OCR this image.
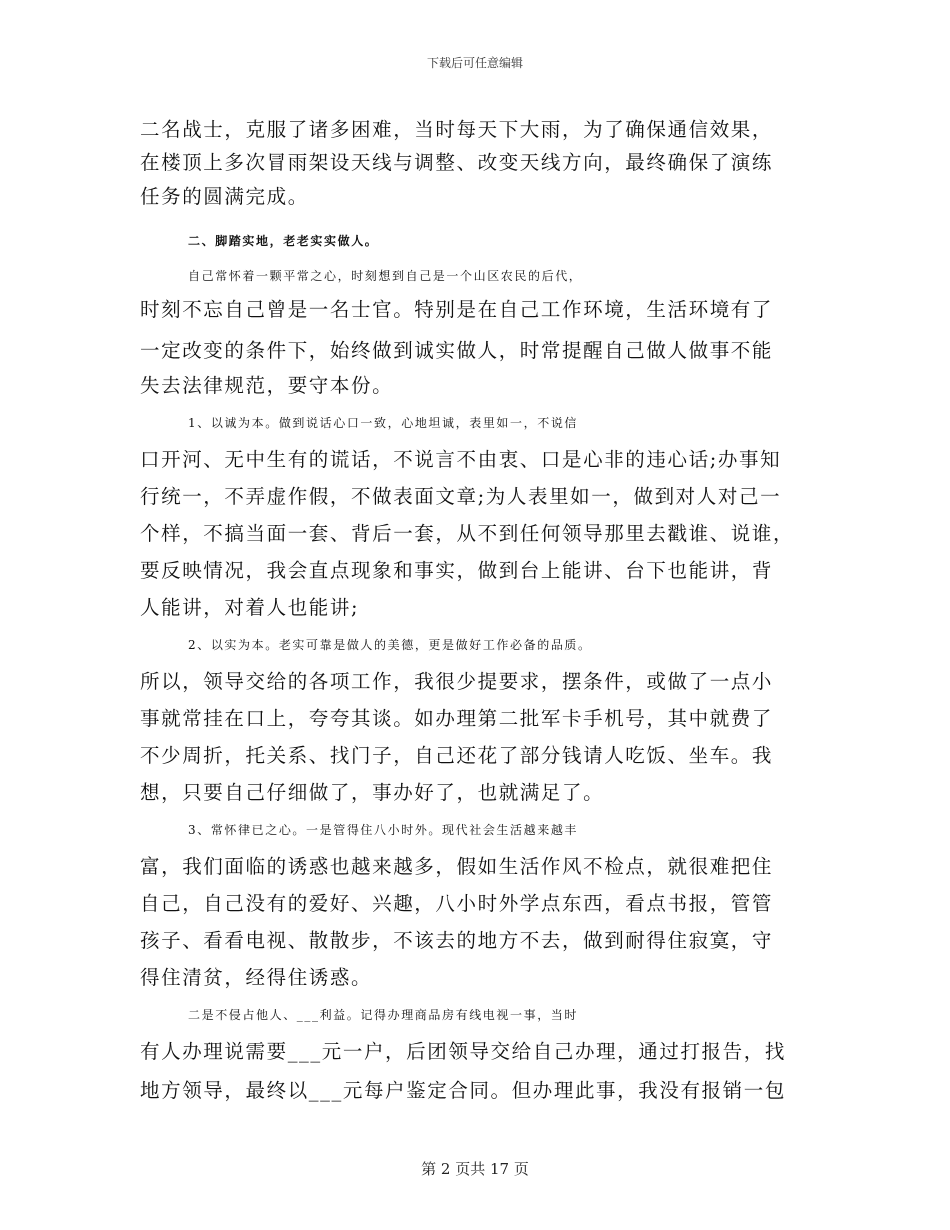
下载后可任意编辑
二名战士，克服了诸多困难，当时每天下大雨，为了确保通信效果，
在楼顶上多次冒雨架设天线与调整、改变天线方向，最终确保了演练
任务的圆满完成。
二、脚踏实地，老老实实做人。
自己常怀着一颗平常之心，时刻想到自己是一个山区农民的后代，
时刻不忘自己曾是一名士官。特别是在自己工作环境，生活环境有了
一定改变的条件下，始终做到诚实做人，时常提醒自己做人做事不能
失去法律规范，要守本份。
1、以诚为本。做到说话心口一致，心地坦诚，表里如一，不说信
口开河、无中生有的谎话，不说言不由衷、口是心非的违心话;办事知
行统一，不弄虚作假，不做表面文章;为人表里如一，做到对人对己一
个样，不搞当面一套、背后一套，从不到任何领导那里去戳谁、说谁，
要反映情况，我会直点现象和事实，做到台上能讲、台下也能讲，背
人能讲，对着人也能讲;
2、以实为本。老实可靠是做人的美德，更是做好工作必备的品质。
所以，领导交给的各项工作，我很少提要求，摆条件，或做了一点小
事就常挂在口上，夸夸其谈。如办理第二批军卡手机号，其中就费了
不少周折，托关系、找门子，自己还花了部分钱请人吃饭、坐车。我
想，只要自己仔细做了，事办好了，也就满足了。
3、常怀律已之心。一是管得住八小时外。现代社会生活越来越丰
富，我们面临的诱惑也越来越多，假如生活作风不检点，就很难把住
自己，自己没有的爱好、兴趣，八小时外学点东西，看点书报，管管
孩子、看看电视、散散步，不该去的地方不去，做到耐得住寂寞，守
得住清贫，经得住诱惑。
二是不侵占他人、___利益。记得办理商品房有线电视一事，当时
有人办理说需要___元一户，后团领导交给自己办理，通过打报告，找
地方领导，最终以___元每户鉴定合同。但办理此事，我没有报销一包
第 2 页共 17 页
